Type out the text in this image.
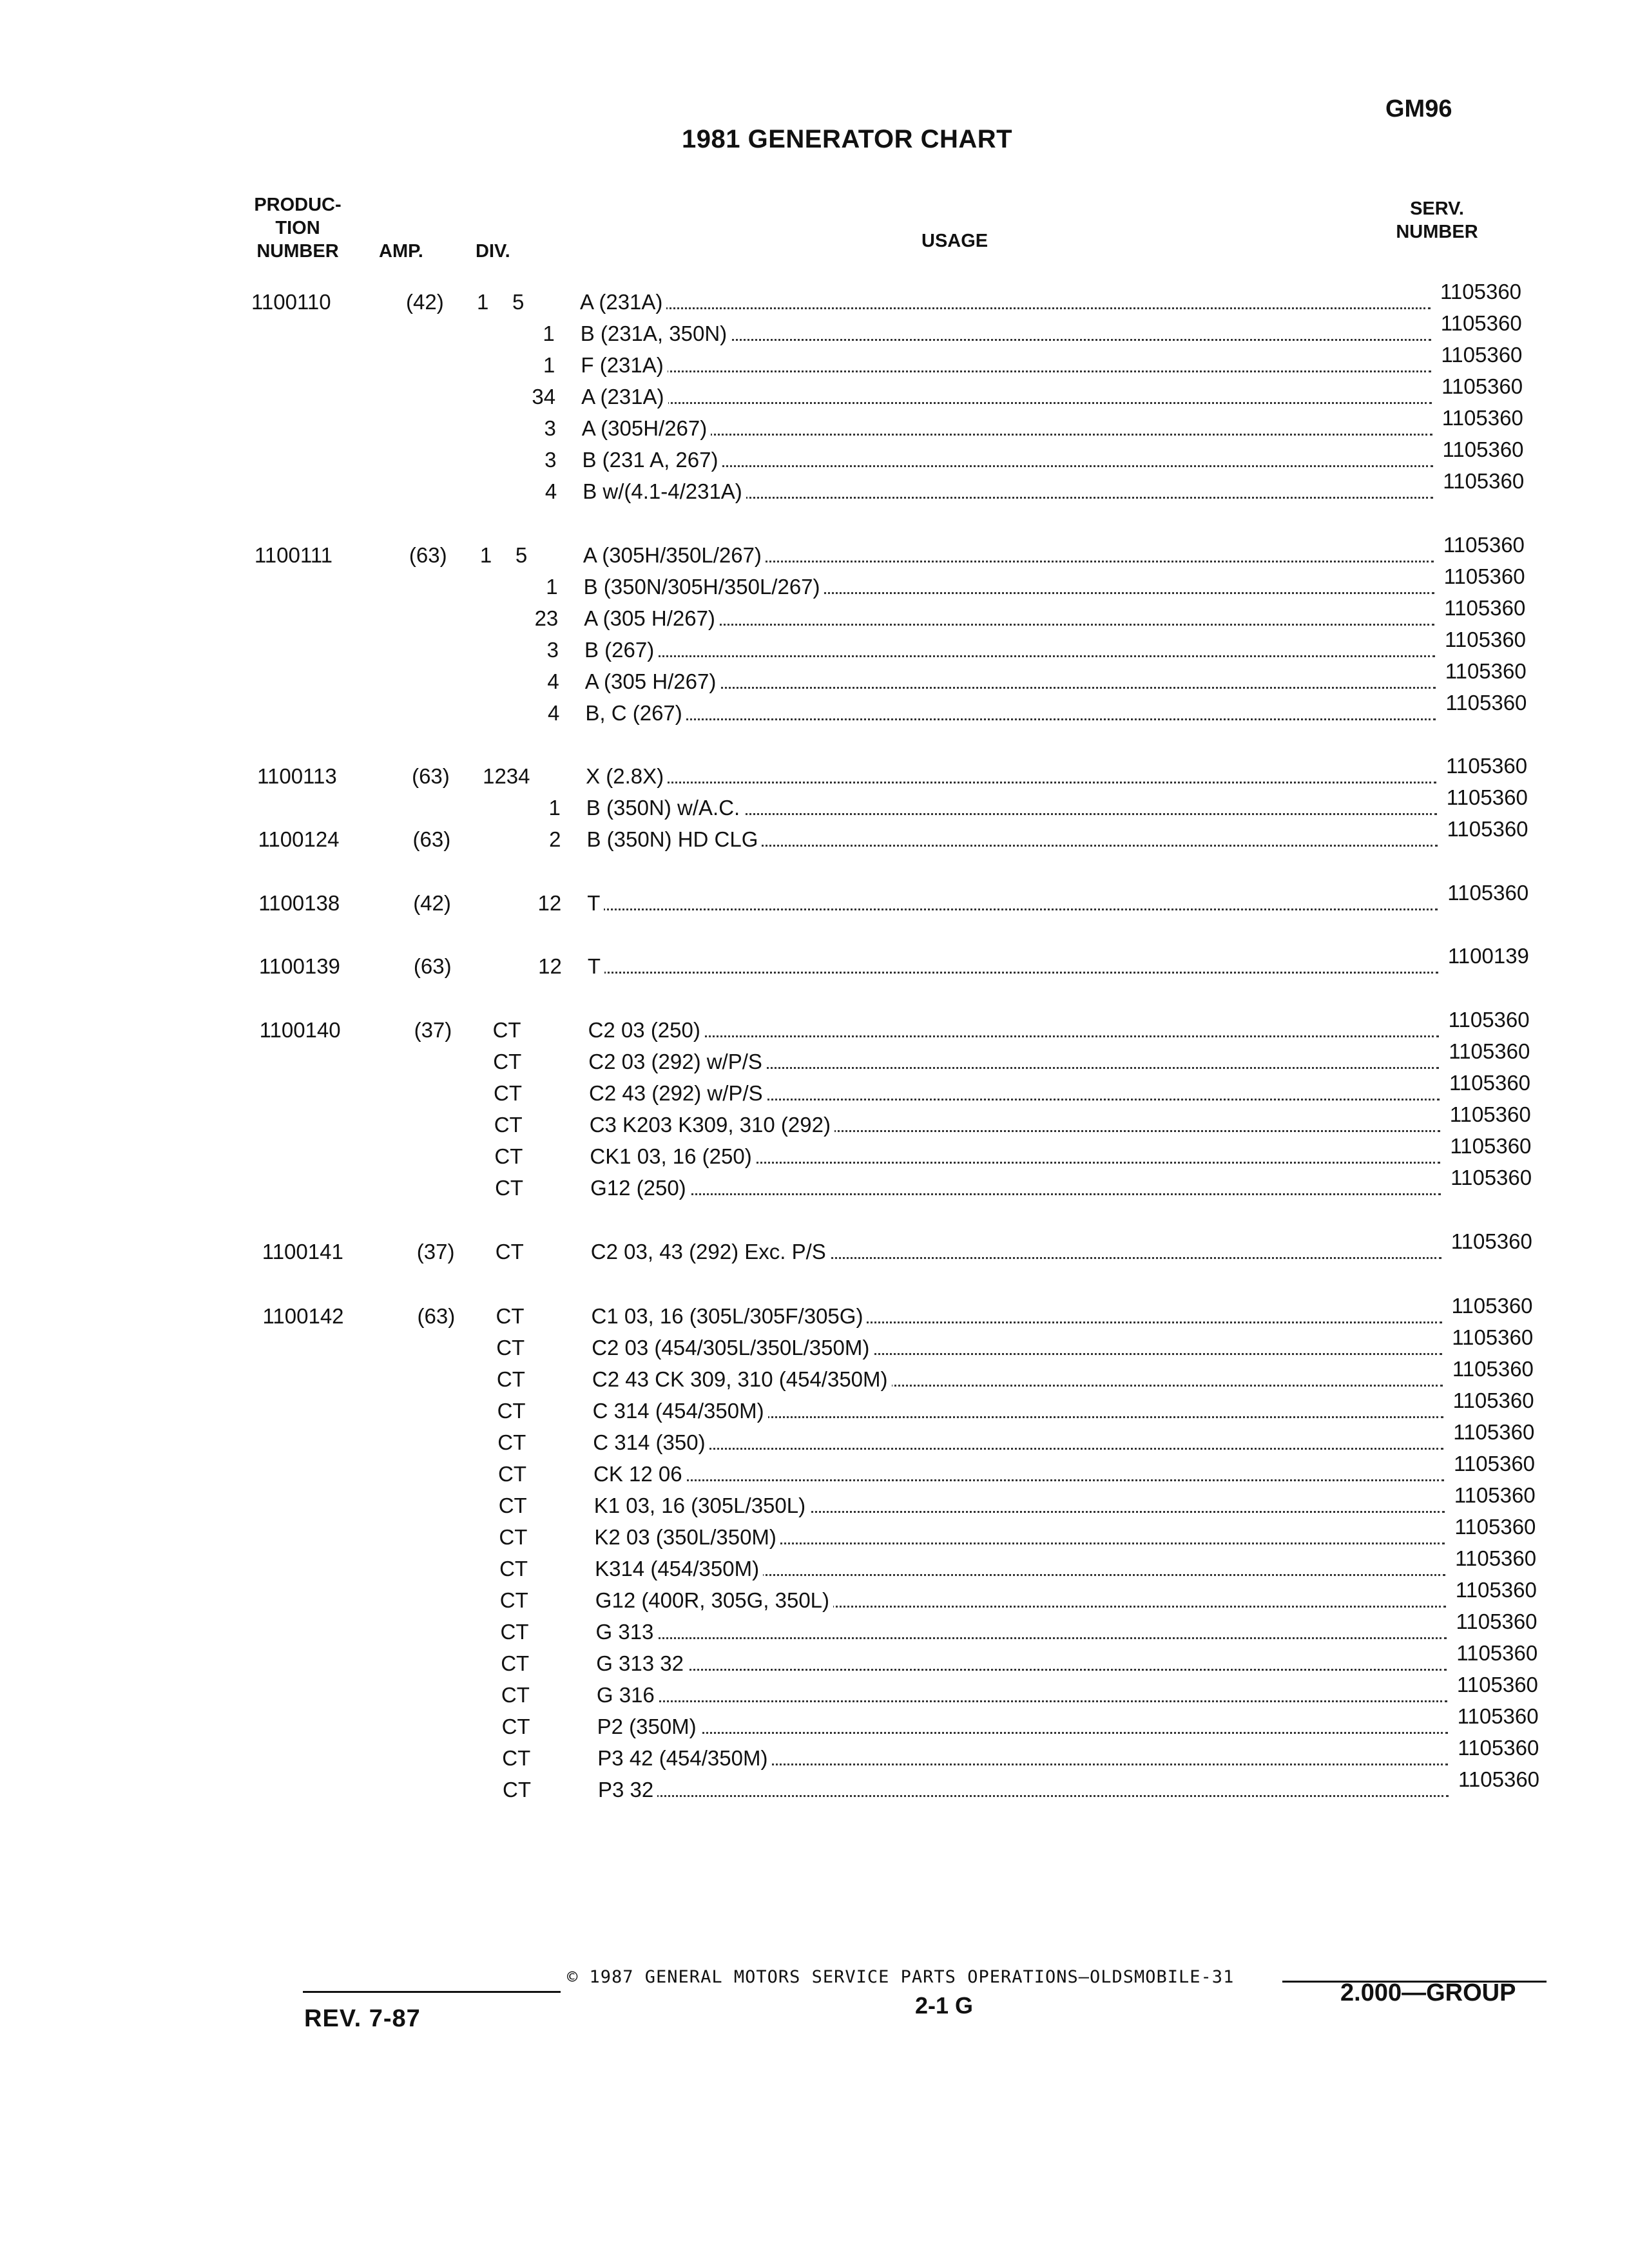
GM96
1981 GENERATOR CHART
PRODUC-
TION
NUMBER	AMP.	DIV.	USAGE
SERV.
NUMBER
1100110	(42) 1    5	A (231A)	1105360
1 B (231A, 350N)	1105360
1 F (231A)	1105360
34 A (231A)	1105360
3 A (305H/267)	1105360
3 B (231 A, 267)	1105360
4 B w/(4.1-4/231A)	1105360
1100111	(63) 1    5	A (305H/350L/267)	1105360
1 B (350N/305H/350L/267)	1105360
23 A (305 H/267)	1105360
3 B (267)	1105360
4 A (305 H/267)	1105360
4 B, C (267)	1105360
1100113	(63) 1234	X (2.8X)	1105360
1 B (350N) w/A.C.	1105360
1100124	(63)	2 B (350N) HD CLG	1105360
1100138	(42)	12 T	1105360
1100139	(63)	12 T	1100139
1100140	(37) CT	C2 03 (250)	1105360
CT	C2 03 (292) w/P/S	1105360
CT	C2 43 (292) w/P/S	1105360
CT	C3 K203 K309, 310 (292)	1105360
CT	CK1 03, 16 (250)	1105360
CT	G12 (250)	1105360
1100141	(37) CT	C2 03, 43 (292) Exc. P/S	1105360
1100142	(63) CT	C1 03, 16 (305L/305F/305G)	1105360
CT	C2 03 (454/305L/350L/350M)	1105360
CT	C2 43 CK 309, 310 (454/350M)	1105360
CT	C 314 (454/350M)	1105360
CT	C 314 (350)	1105360
CT	CK 12 06	1105360
CT	K1 03, 16 (305L/350L)	1105360
CT	K2 03 (350L/350M)	1105360
CT	K314 (454/350M)	1105360
CT	G12 (400R, 305G, 350L)	1105360
CT	G 313	1105360
CT	G 313 32	1105360
CT	G 316	1105360
CT	P2 (350M)	1105360
CT	P3 42 (454/350M)	1105360
CT	P3 32	1105360
© 1987 GENERAL MOTORS SERVICE PARTS OPERATIONS—OLDSMOBILE-31
2-1 G	2.000—GROUP
REV. 7-87
